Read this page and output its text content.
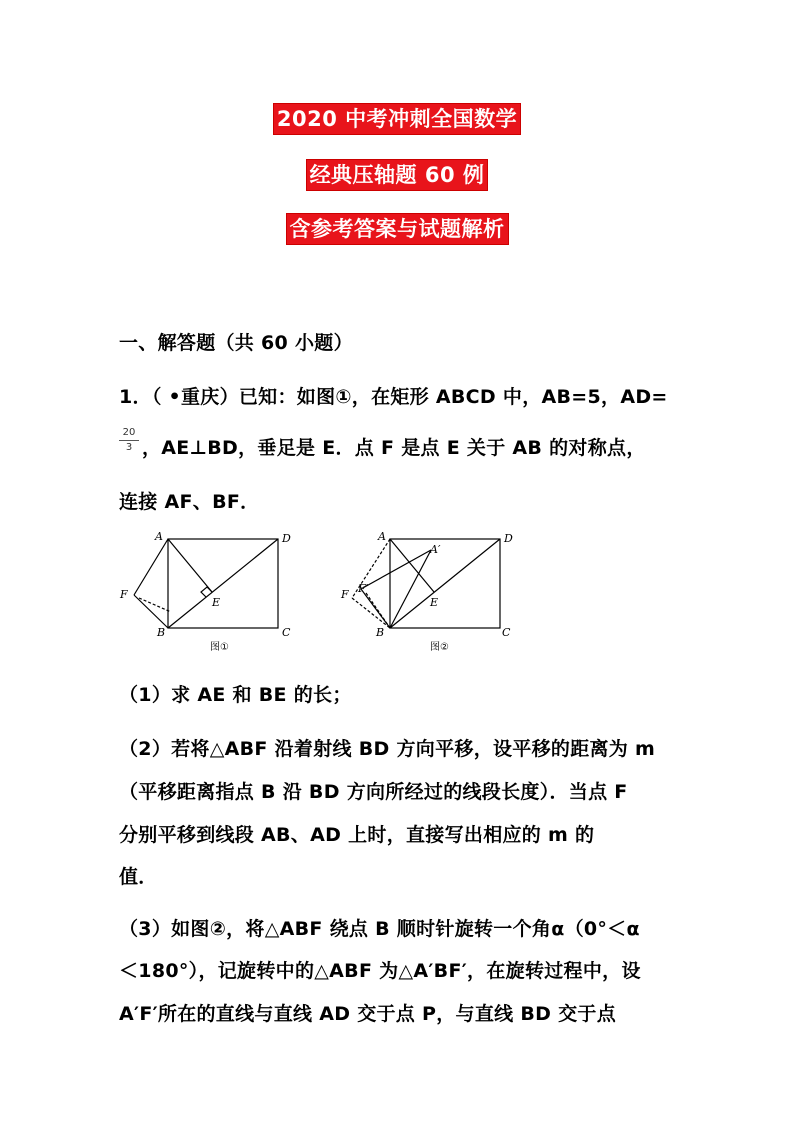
2020 中考冲刺全国数学
经典压轴题 60 例
含参考答案与试题解析
一、解答题（共 60 小题）
1．（ •重庆）已知：如图①，在矩形 ABCD 中，AB=5，AD=
$\frac{20}{3}$ ，AE⊥BD，垂足是 E．点 F 是点 E 关于 AB 的对称点，
连接 AF、BF．
A	D
F
E
B	C
图①
A
A′
D
F F′
E
B	C
图②
（1）求 AE 和 BE 的长；
（2）若将△ABF 沿着射线 BD 方向平移，设平移的距离为 m
（平移距离指点 B 沿 BD 方向所经过的线段长度）．当点 F
分别平移到线段 AB、AD 上时，直接写出相应的 m 的
值．
（3）如图②，将△ABF 绕点 B 顺时针旋转一个角α（0°＜α
＜180°），记旋转中的△ABF 为△A′BF′，在旋转过程中，设
A′F′所在的直线与直线 AD 交于点 P，与直线 BD 交于点
